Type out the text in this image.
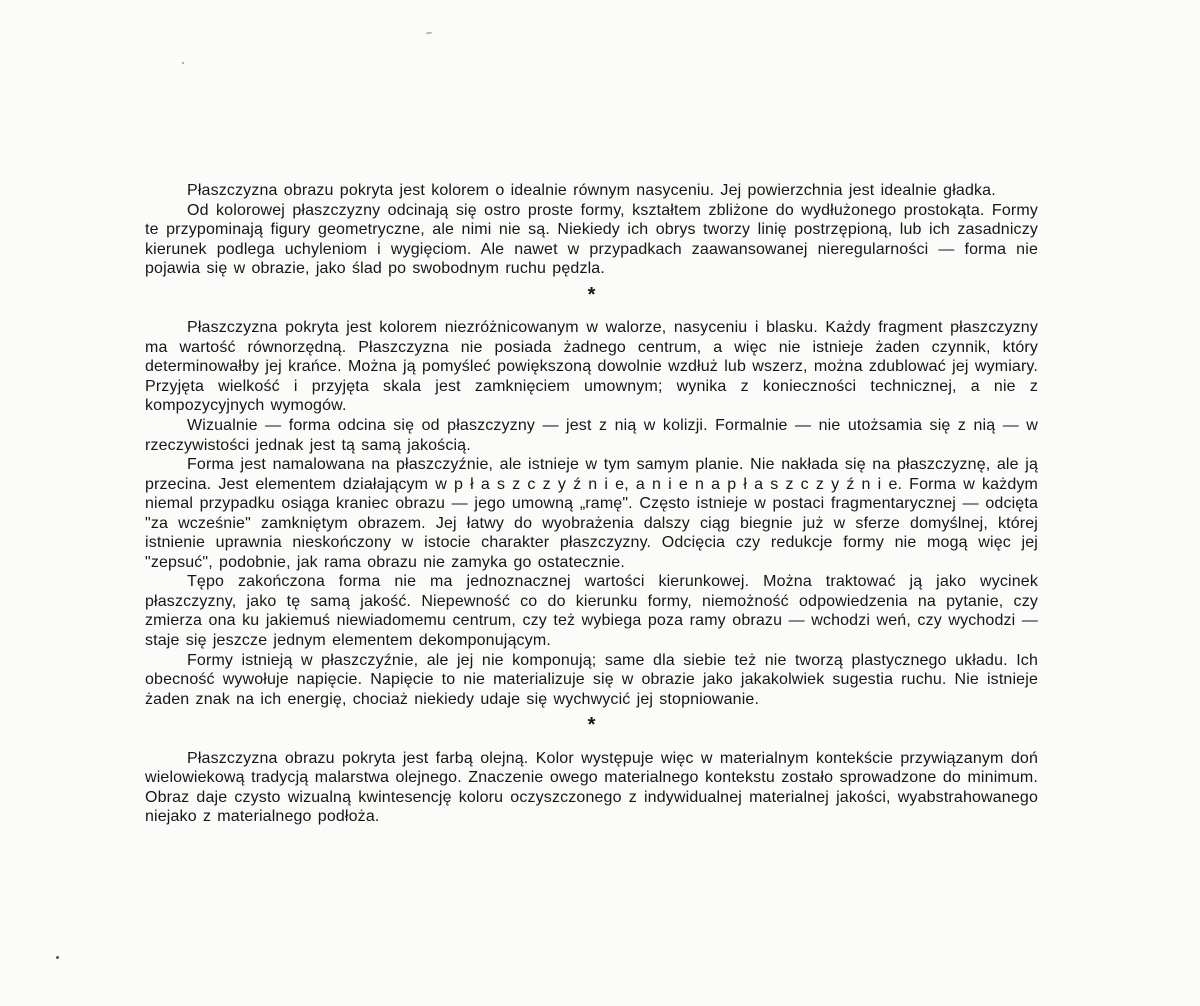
Płaszczyzna obrazu pokryta jest kolorem o idealnie równym nasyceniu. Jej powierzchnia jest idealnie gładka.

Od kolorowej płaszczyzny odcinają się ostro proste formy, kształtem zbliżone do wydłużonego prostokąta. Formy te przypominają figury geometryczne, ale nimi nie są. Niekiedy ich obrys tworzy linię postrzępioną, lub ich zasadniczy kierunek podlega uchyleniom i wygięciom. Ale nawet w przypadkach zaawansowanej nieregularności — forma nie pojawia się w obrazie, jako ślad po swobodnym ruchu pędzla.

*

Płaszczyzna pokryta jest kolorem niezróżnicowanym w walorze, nasyceniu i blasku. Każdy fragment płaszczyzny ma wartość równorzędną. Płaszczyzna nie posiada żadnego centrum, a więc nie istnieje żaden czynnik, który determinowałby jej krańce. Można ją pomyśleć powiększoną dowolnie wzdłuż lub wszerz, można zdublować jej wymiary. Przyjęta wielkość i przyjęta skala jest zamknięciem umownym; wynika z konieczności technicznej, a nie z kompozycyjnych wymogów.

Wizualnie — forma odcina się od płaszczyzny — jest z nią w kolizji. Formalnie — nie utożsamia się z nią — w rzeczywistości jednak jest tą samą jakością.

Forma jest namalowana na płaszczyźnie, ale istnieje w tym samym planie. Nie nakłada się na płaszczyznę, ale ją przecina. Jest elementem działającym w p ł a s z c z y ź n i e, a n i e n a p ł a s z c z y ź n i e. Forma w każdym niemal przypadku osiąga kraniec obrazu — jego umowną „ramę". Często istnieje w postaci fragmentarycznej — odcięta "za wcześnie" zamkniętym obrazem. Jej łatwy do wyobrażenia dalszy ciąg biegnie już w sferze domyślnej, której istnienie uprawnia nieskończony w istocie charakter płaszczyzny. Odcięcia czy redukcje formy nie mogą więc jej "zepsuć", podobnie, jak rama obrazu nie zamyka go ostatecznie.

Tępo zakończona forma nie ma jednoznacznej wartości kierunkowej. Można traktować ją jako wycinek płaszczyzny, jako tę samą jakość. Niepewność co do kierunku formy, niemożność odpowiedzenia na pytanie, czy zmierza ona ku jakiemuś niewiadomemu centrum, czy też wybiega poza ramy obrazu — wchodzi weń, czy wychodzi — staje się jeszcze jednym elementem dekomponującym.

Formy istnieją w płaszczyźnie, ale jej nie komponują; same dla siebie też nie tworzą plastycznego układu. Ich obecność wywołuje napięcie. Napięcie to nie materializuje się w obrazie jako jakakolwiek sugestia ruchu. Nie istnieje żaden znak na ich energię, chociaż niekiedy udaje się wychwycić jej stopniowanie.

*

Płaszczyzna obrazu pokryta jest farbą olejną. Kolor występuje więc w materialnym kontekście przywiązanym doń wielowiekową tradycją malarstwa olejnego. Znaczenie owego materialnego kontekstu zostało sprowadzone do minimum. Obraz daje czysto wizualną kwintesencję koloru oczyszczonego z indywidualnej materialnej jakości, wyabstrahowanego niejako z materialnego podłoża.
